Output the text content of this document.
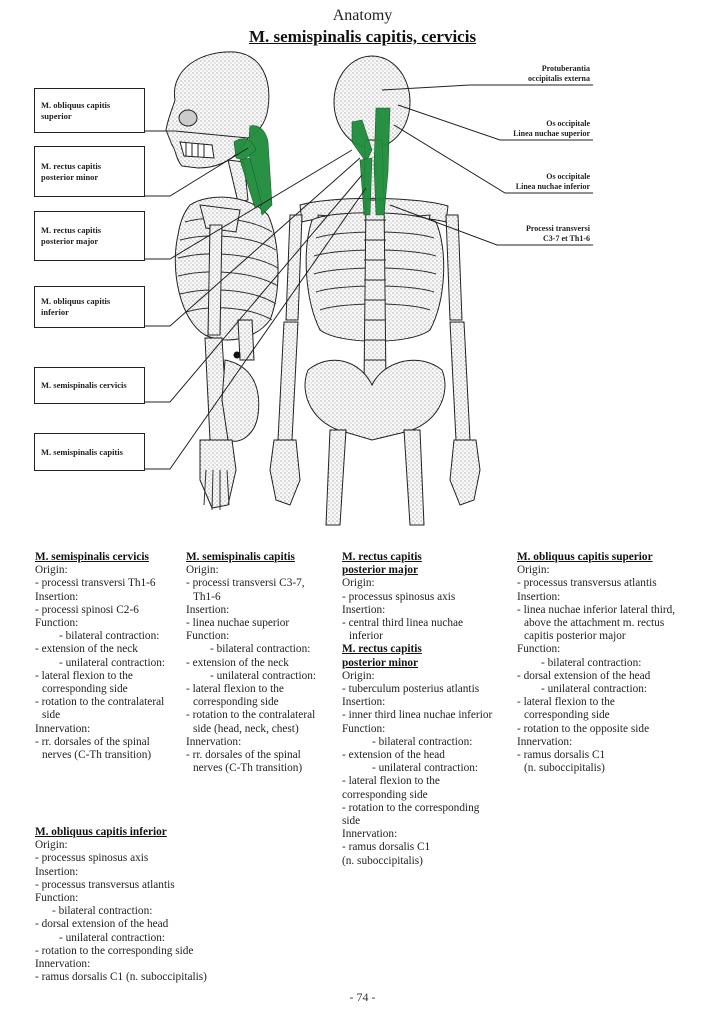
Anatomy
M. semispinalis capitis, cervicis
M. obliquus capitis
superior
M. rectus capitis
posterior minor
M. rectus capitis
posterior major
M. obliquus capitis
inferior
M. semispinalis cervicis
M. semispinalis capitis
Protuberantia
occipitalis externa
Os occipitale
Linea nuchae superior
Os occipitale
Linea nuchae inferior
Processi transversi
C3-7 et Th1-6
M. semispinalis cervicis
Origin:
- processi transversi Th1-6
Insertion:
- processi spinosi C2-6
Function:
- bilateral contraction:
- extension of the neck
- unilateral contraction:
- lateral flexion to the
corresponding side
- rotation to the contralateral
side
Innervation:
- rr. dorsales of the spinal
nerves (C-Th transition)
M. semispinalis capitis
Origin:
- processi transversi C3-7,
Th1-6
Insertion:
- linea nuchae superior
Function:
- bilateral contraction:
- extension of the neck
- unilateral contraction:
- lateral flexion to the
corresponding side
- rotation to the contralateral
side (head, neck, chest)
Innervation:
- rr. dorsales of the spinal
nerves (C-Th transition)
M. rectus capitis
posterior major
Origin:
- processus spinosus axis
Insertion:
- central third linea nuchae
inferior
M. rectus capitis
posterior minor
Origin:
- tuberculum posterius atlantis
Insertion:
- inner third linea nuchae inferior
Function:
- bilateral contraction:
- extension of the head
- unilateral contraction:
- lateral flexion to the
corresponding side
- rotation to the corresponding
side
Innervation:
- ramus dorsalis C1
(n. suboccipitalis)
M. obliquus capitis superior
Origin:
- processus transversus atlantis
Insertion:
- linea nuchae inferior lateral third,
above the attachment m. rectus
capitis posterior major
Function:
- bilateral contraction:
- dorsal extension of the head
- unilateral contraction:
- lateral flexion to the
corresponding side
- rotation to the opposite side
Innervation:
- ramus dorsalis C1
(n. suboccipitalis)
M. obliquus capitis inferior
Origin:
- processus spinosus axis
Insertion:
- processus transversus atlantis
Function:
- bilateral contraction:
- dorsal extension of the head
- unilateral contraction:
- rotation to the corresponding side
Innervation:
- ramus dorsalis C1 (n. suboccipitalis)
- 74 -
